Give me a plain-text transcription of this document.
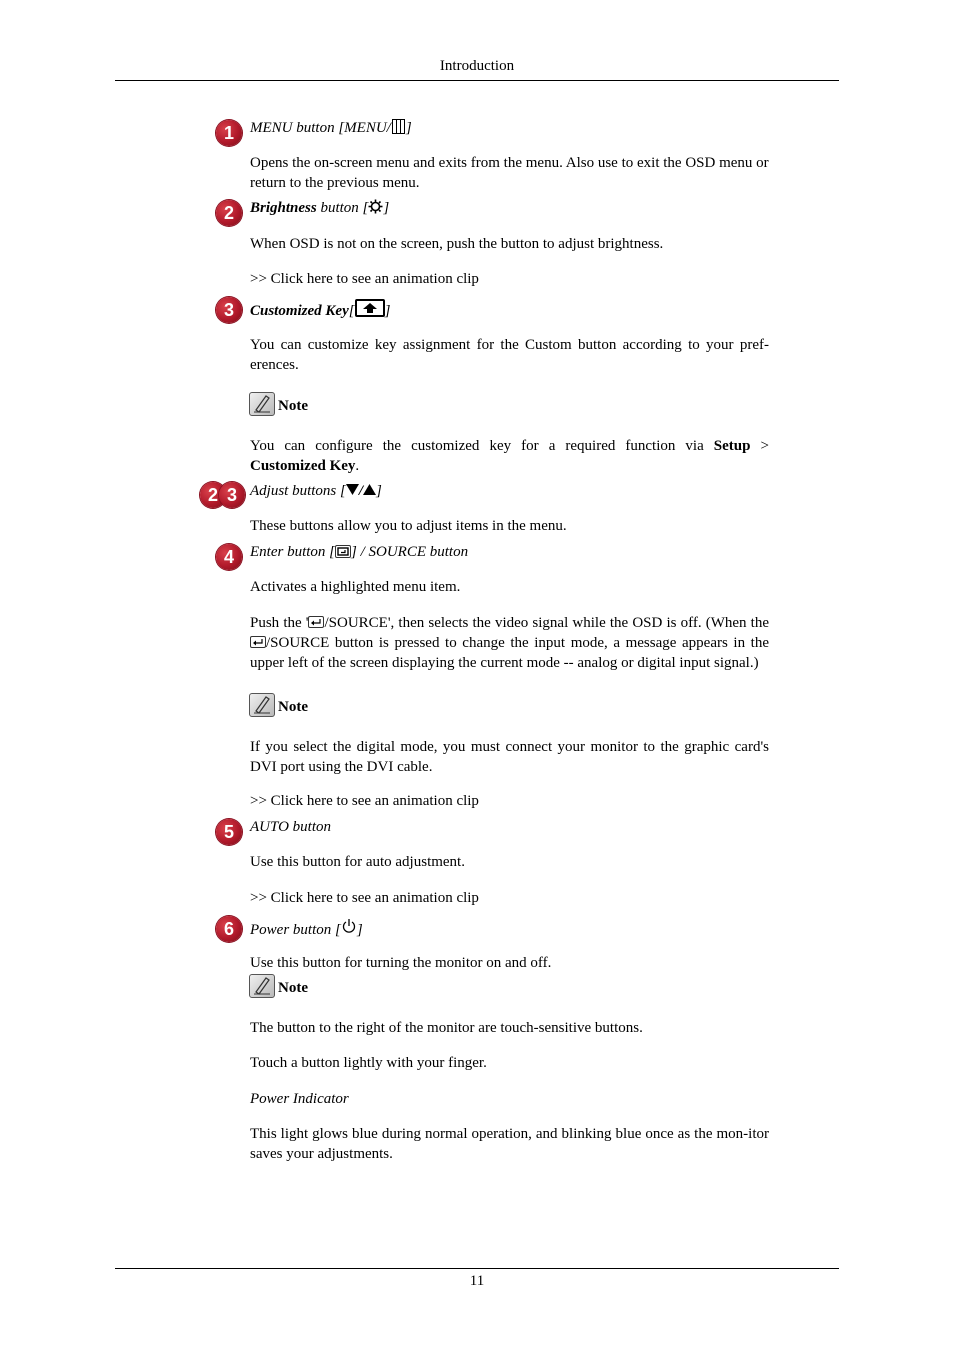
Introduction
1	MENU button [MENU/ ]
Opens the on-screen menu and exits from the menu. Also use to exit the OSD menu or return to the previous menu.
2	Brightness button [ ]
When OSD is not on the screen, push the button to adjust brightness.
>> Click here to see an animation clip
3	Customized Key[ ]
You can customize key assignment for the Custom button according to your pref-erences.
Note
You can configure the customized key for a required function via Setup > Customized Key.
2 3 Adjust buttons [ / ]
These buttons allow you to adjust items in the menu.
4	Enter button [ ] / SOURCE button
Activates a highlighted menu item.
Push the ' /SOURCE', then selects the video signal while the OSD is off. (When the /SOURCE button is pressed to change the input mode, a message appears in the upper left of the screen displaying the current mode -- analog or digital input signal.)
Note
If you select the digital mode, you must connect your monitor to the graphic card's DVI port using the DVI cable.
>> Click here to see an animation clip
5	AUTO button
Use this button for auto adjustment.
>> Click here to see an animation clip
6	Power button [ ]
Use this button for turning the monitor on and off.
Note
The button to the right of the monitor are touch-sensitive buttons.
Touch a button lightly with your finger.
Power Indicator
This light glows blue during normal operation, and blinking blue once as the mon-itor saves your adjustments.
11
